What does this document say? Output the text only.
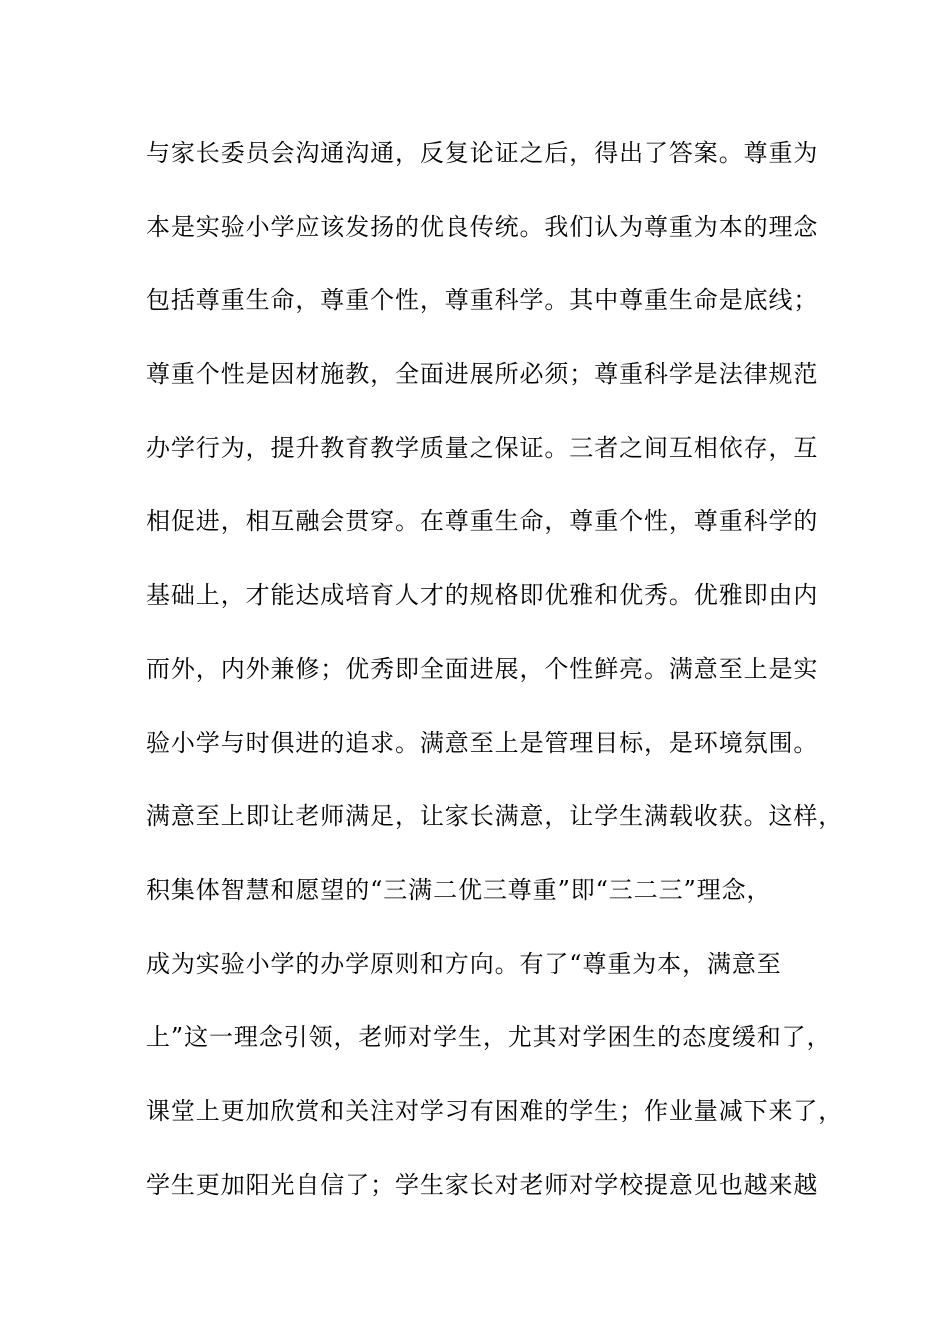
与家长委员会沟通沟通，反复论证之后，得出了答案。尊重为
本是实验小学应该发扬的优良传统。我们认为尊重为本的理念
包括尊重生命，尊重个性，尊重科学。其中尊重生命是底线；
尊重个性是因材施教，全面进展所必须；尊重科学是法律规范
办学行为，提升教育教学质量之保证。三者之间互相依存，互
相促进，相互融会贯穿。在尊重生命，尊重个性，尊重科学的
基础上，才能达成培育人才的规格即优雅和优秀。优雅即由内
而外，内外兼修；优秀即全面进展，个性鲜亮。满意至上是实
验小学与时俱进的追求。满意至上是管理目标，是环境氛围。
满意至上即让老师满足，让家长满意，让学生满载收获。这样，
积集体智慧和愿望的“三满二优三尊重”即“三二三”理念，
成为实验小学的办学原则和方向。有了“尊重为本，满意至
上”这一理念引领，老师对学生，尤其对学困生的态度缓和了，
课堂上更加欣赏和关注对学习有困难的学生；作业量减下来了，
学生更加阳光自信了；学生家长对老师对学校提意见也越来越
